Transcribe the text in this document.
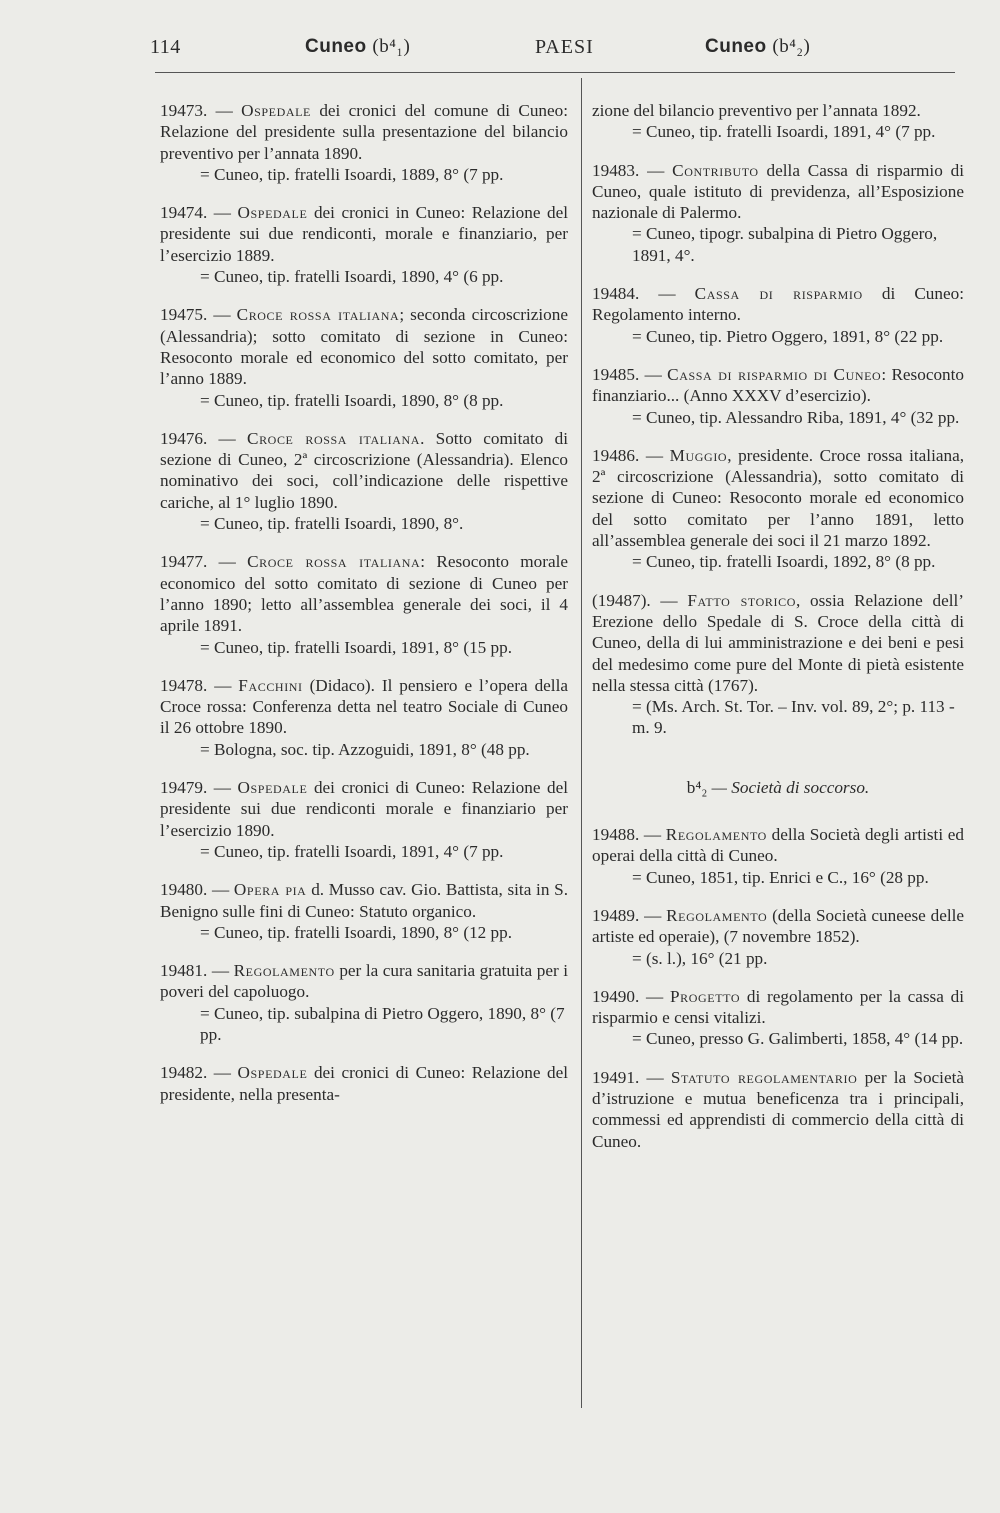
114	Cuneo (b⁴₁)	PAESI	Cuneo (b⁴₂)
19473. — Ospedale dei cronici del comune di Cuneo: Relazione del presidente sulla presentazione del bilancio preventivo per l’annata 1890.
= Cuneo, tip. fratelli Isoardi, 1889, 8° (7 pp.
19474. — Ospedale dei cronici in Cuneo: Relazione del presidente sui due rendiconti, morale e finanziario, per l’esercizio 1889.
= Cuneo, tip. fratelli Isoardi, 1890, 4° (6 pp.
19475. — Croce rossa italiana; seconda circoscrizione (Alessandria); sotto comitato di sezione in Cuneo: Resoconto morale ed economico del sotto comitato, per l’anno 1889.
= Cuneo, tip. fratelli Isoardi, 1890, 8° (8 pp.
19476. — Croce rossa italiana. Sotto comitato di sezione di Cuneo, 2ª circoscrizione (Alessandria). Elenco nominativo dei soci, coll’indicazione delle rispettive cariche, al 1° luglio 1890.
= Cuneo, tip. fratelli Isoardi, 1890, 8°.
19477. — Croce rossa italiana: Resoconto morale economico del sotto comitato di sezione di Cuneo per l’anno 1890; letto all’assemblea generale dei soci, il 4 aprile 1891.
= Cuneo, tip. fratelli Isoardi, 1891, 8° (15 pp.
19478. — Facchini (Didaco). Il pensiero e l’opera della Croce rossa: Conferenza detta nel teatro Sociale di Cuneo il 26 ottobre 1890.
= Bologna, soc. tip. Azzoguidi, 1891, 8° (48 pp.
19479. — Ospedale dei cronici di Cuneo: Relazione del presidente sui due rendiconti morale e finanziario per l’esercizio 1890.
= Cuneo, tip. fratelli Isoardi, 1891, 4° (7 pp.
19480. — Opera pia d. Musso cav. Gio. Battista, sita in S. Benigno sulle fini di Cuneo: Statuto organico.
= Cuneo, tip. fratelli Isoardi, 1890, 8° (12 pp.
19481. — Regolamento per la cura sanitaria gratuita per i poveri del capoluogo.
= Cuneo, tip. subalpina di Pietro Oggero, 1890, 8° (7 pp.
19482. — Ospedale dei cronici di Cuneo: Relazione del presidente, nella presenta-
zione del bilancio preventivo per l’annata 1892.
= Cuneo, tip. fratelli Isoardi, 1891, 4° (7 pp.
19483. — Contributo della Cassa di risparmio di Cuneo, quale istituto di previdenza, all’Esposizione nazionale di Palermo.
= Cuneo, tipogr. subalpina di Pietro Oggero, 1891, 4°.
19484. — Cassa di risparmio di Cuneo: Regolamento interno.
= Cuneo, tip. Pietro Oggero, 1891, 8° (22 pp.
19485. — Cassa di risparmio di Cuneo: Resoconto finanziario... (Anno XXXV d’esercizio).
= Cuneo, tip. Alessandro Riba, 1891, 4° (32 pp.
19486. — Muggio, presidente. Croce rossa italiana, 2ª circoscrizione (Alessandria), sotto comitato di sezione di Cuneo: Resoconto morale ed economico del sotto comitato per l’anno 1891, letto all’assemblea generale dei soci il 21 marzo 1892.
= Cuneo, tip. fratelli Isoardi, 1892, 8° (8 pp.
(19487). — Fatto storico, ossia Relazione dell’ Erezione dello Spedale di S. Croce della città di Cuneo, della di lui amministrazione e dei beni e pesi del medesimo come pure del Monte di pietà esistente nella stessa città (1767).
= (Ms. Arch. St. Tor. – Inv. vol. 89, 2°; p. 113 - m. 9.
b⁴₂ — Società di soccorso.
19488. — Regolamento della Società degli artisti ed operai della città di Cuneo.
= Cuneo, 1851, tip. Enrici e C., 16° (28 pp.
19489. — Regolamento (della Società cuneese delle artiste ed operaie), (7 novembre 1852).
= (s. l.), 16° (21 pp.
19490. — Progetto di regolamento per la cassa di risparmio e censi vitalizi.
= Cuneo, presso G. Galimberti, 1858, 4° (14 pp.
19491. — Statuto regolamentario per la Società d’istruzione e mutua beneficenza tra i principali, commessi ed apprendisti di commercio della città di Cuneo.
